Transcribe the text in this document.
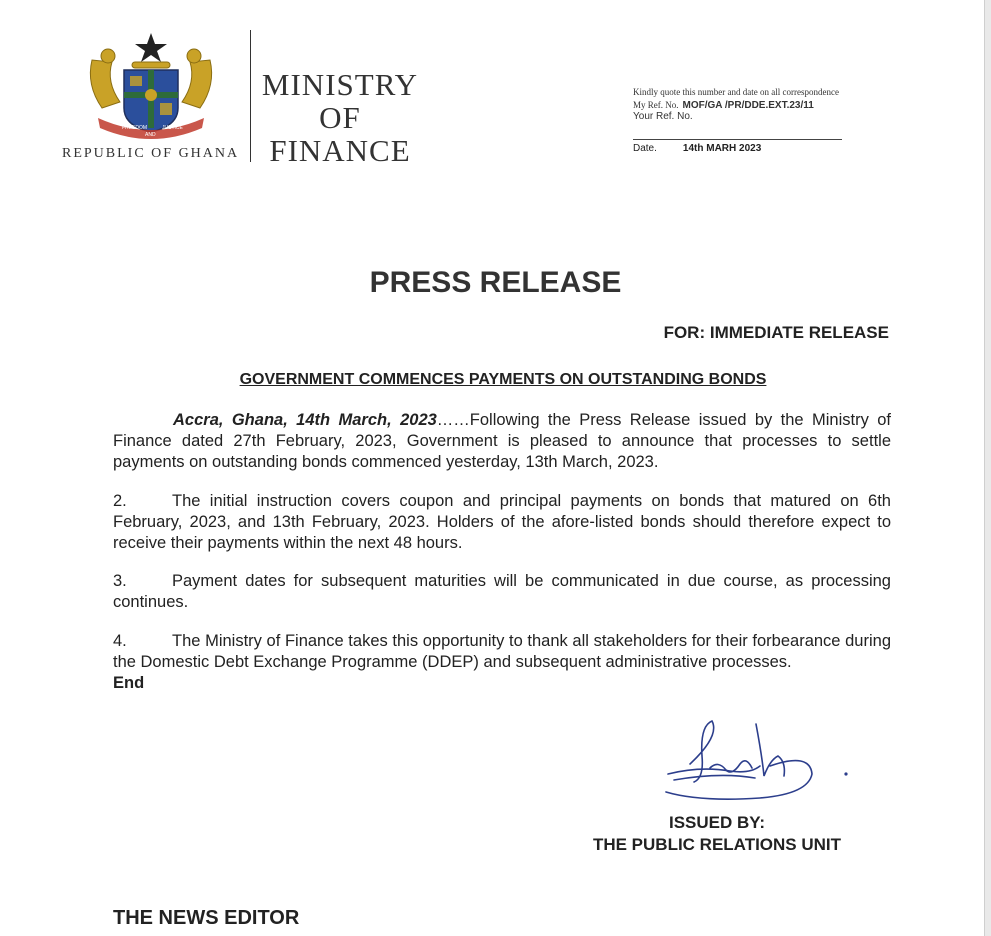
FREEDOM
AND
JUSTICE
REPUBLIC OF GHANA
MINISTRY
OF
FINANCE
Kindly quote this number and date on all correspondence
My Ref. No. MOF/GA /PR/DDE.EXT.23/11
Your Ref. No.
Date.	14th MARH 2023
PRESS RELEASE
FOR: IMMEDIATE RELEASE
GOVERNMENT COMMENCES PAYMENTS ON OUTSTANDING BONDS
Accra, Ghana, 14th March, 2023……Following the Press Release issued by the Ministry of Finance dated 27th February, 2023, Government is pleased to announce that processes to settle payments on outstanding bonds commenced yesterday, 13th March, 2023.
2.	The initial instruction covers coupon and principal payments on bonds that matured on 6th February, 2023, and 13th February, 2023. Holders of the afore-listed bonds should therefore expect to receive their payments within the next 48 hours.
3.	Payment dates for subsequent maturities will be communicated in due course, as processing continues.
4.	The Ministry of Finance takes this opportunity to thank all stakeholders for their forbearance during the Domestic Debt Exchange Programme (DDEP) and subsequent administrative processes.
End
ISSUED BY:
THE PUBLIC RELATIONS UNIT
THE NEWS EDITOR
